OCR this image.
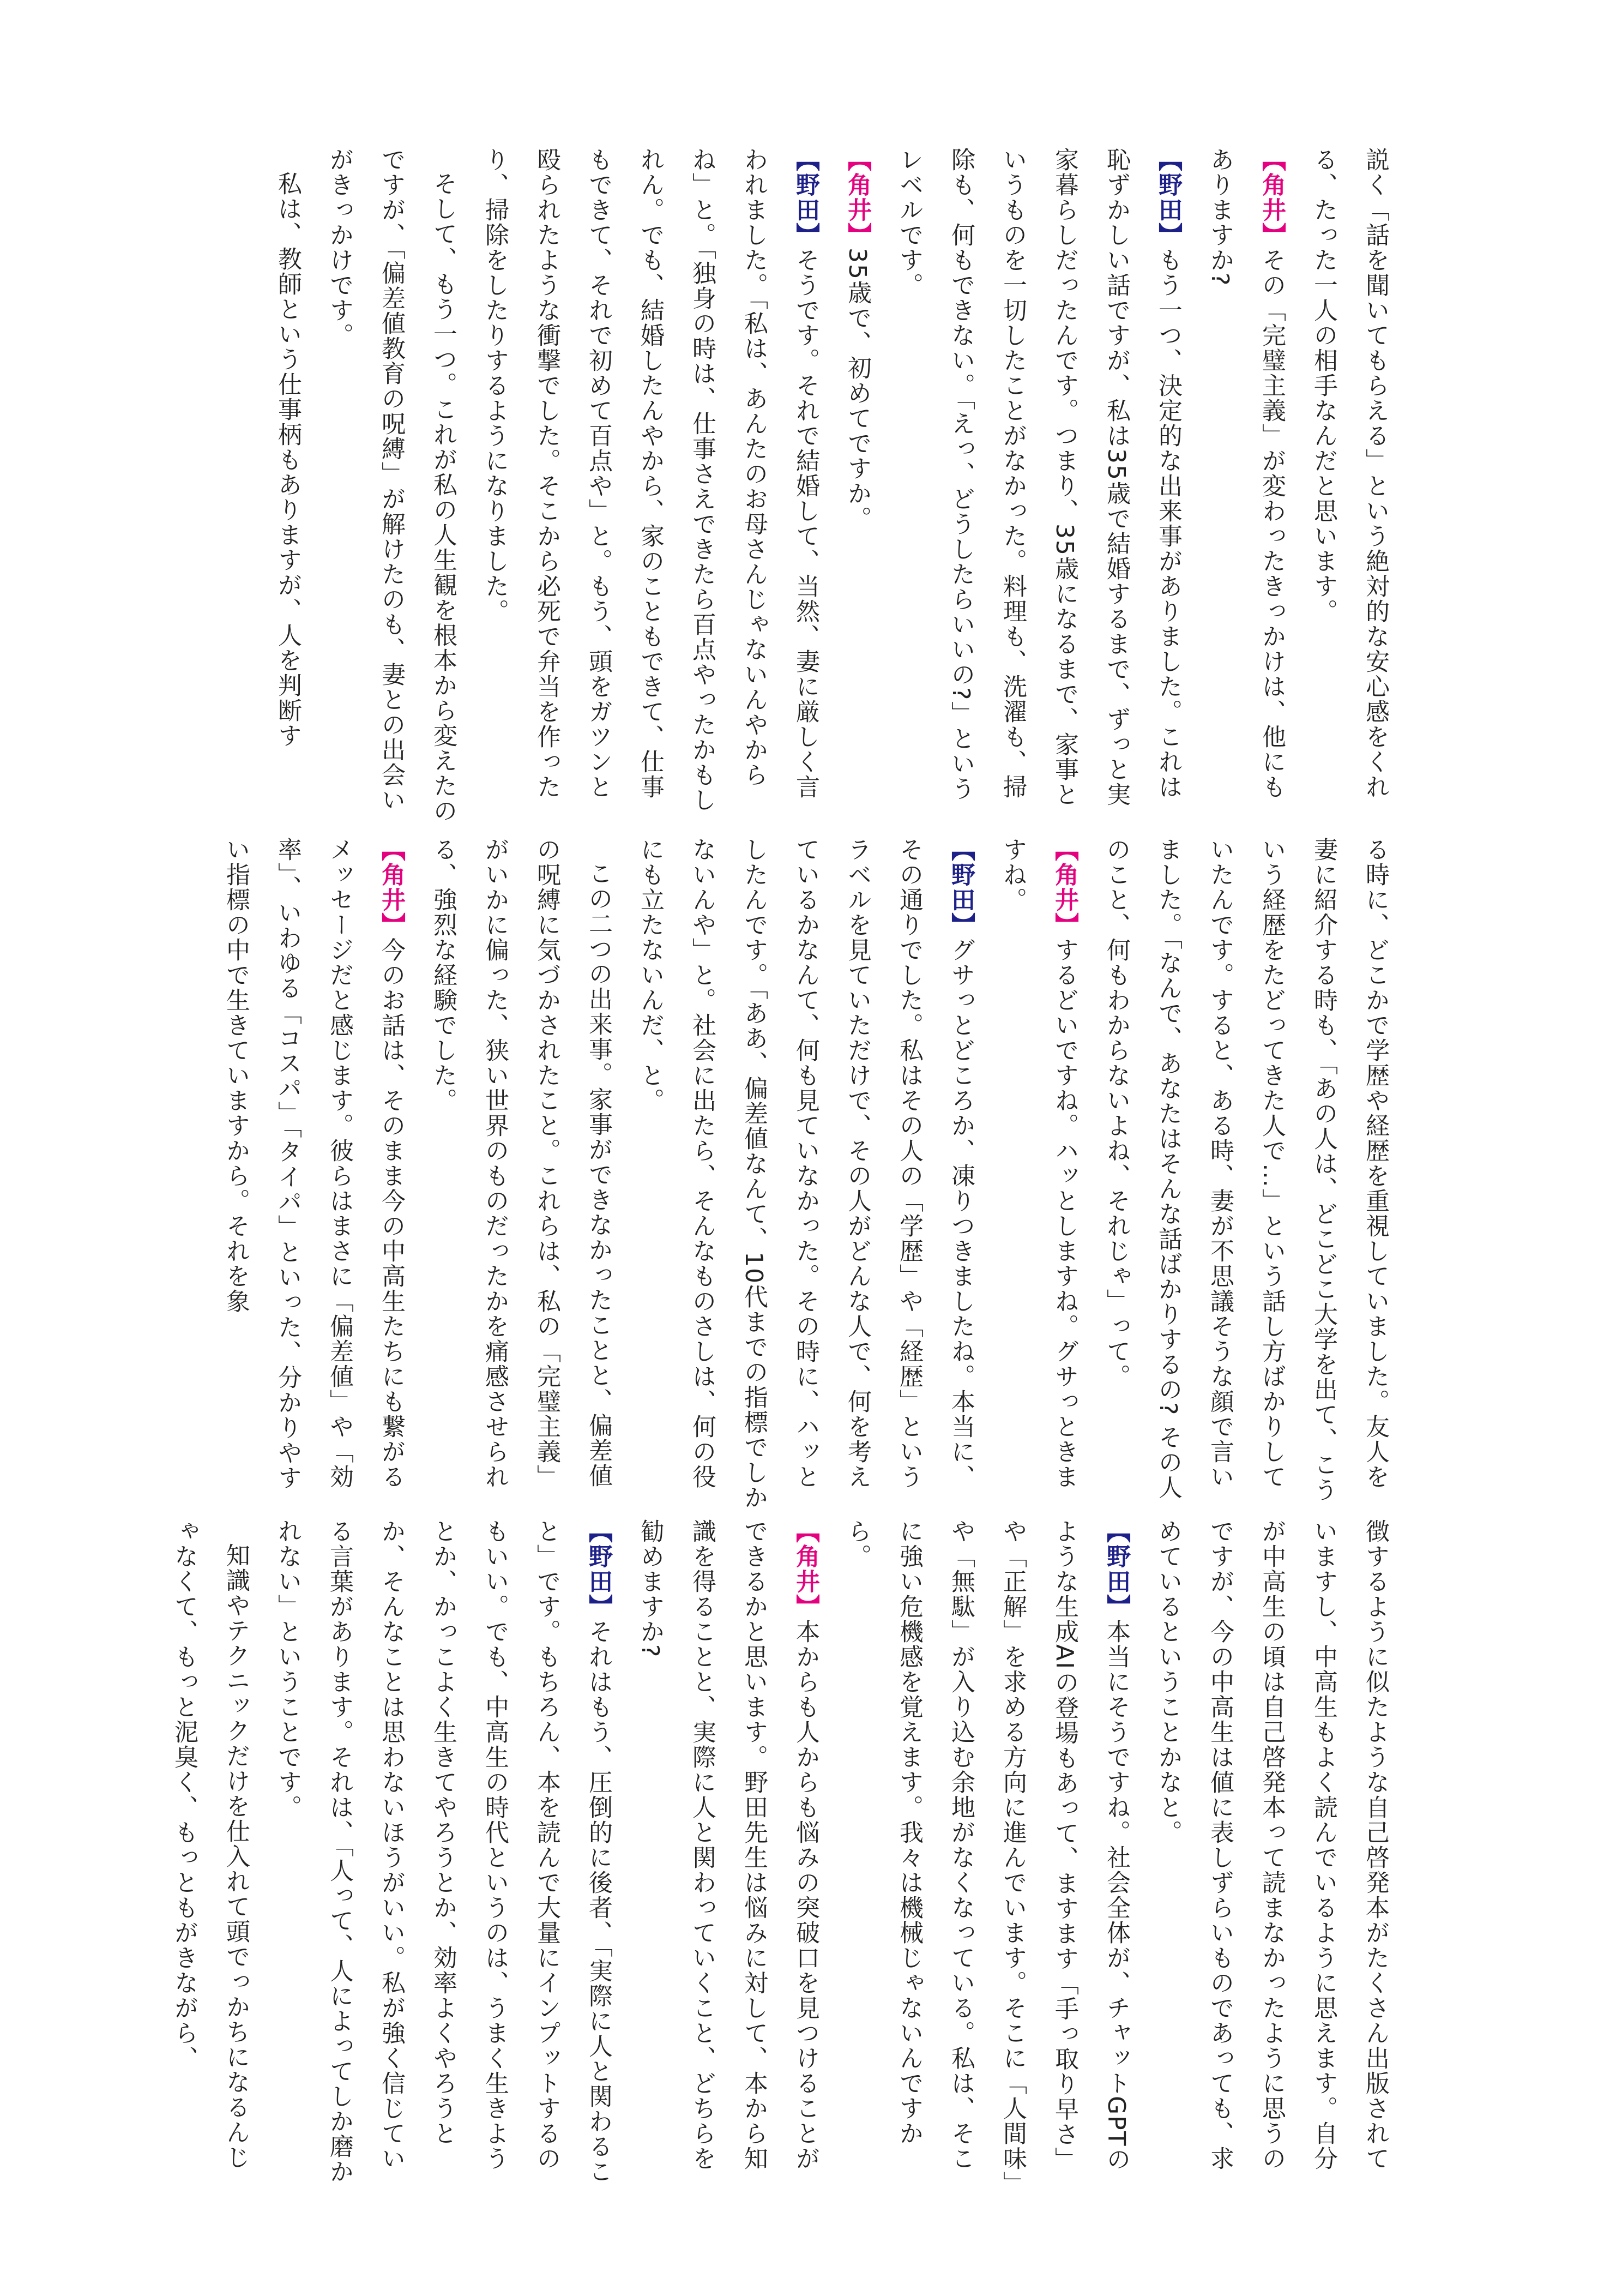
説く「話を聞いてもらえる」という絶対的な安心感をくれる、たった一人の相手なんだと思います。

【角井】その「完璧主義」が変わったきっかけは、他にもありますか?

【野田】もう一つ、決定的な出来事がありました。これは恥ずかしい話ですが、私は35歳で結婚するまで、ずっと実家暮らしだったんです。つまり、35歳になるまで、家事というものを一切したことがなかった。料理も、洗濯も、掃除も、何もできない。「えっ、どうしたらいいの?」というレベルです。

【角井】35歳で、初めてですか。

【野田】そうです。それで結婚して、当然、妻に厳しく言われました。「私は、あんたのお母さんじゃないんやからね」と。「独身の時は、仕事さえできたら百点やったかもしれん。でも、結婚したんやから、家のこともできて、仕事もできて、それで初めて百点や」と。もう、頭をガツンと殴られたような衝撃でした。そこから必死で弁当を作ったり、掃除をしたりするようになりました。

そして、もう一つ。これが私の人生観を根本から変えたのですが、「偏差値教育の呪縛」が解けたのも、妻との出会いがきっかけです。

私は、教師という仕事柄もありますが、人を判断す

る時に、どこかで学歴や経歴を重視していました。友人を妻に紹介する時も、「あの人は、どこどこ大学を出て、こういう経歴をたどってきた人で…」という話し方ばかりしていたんです。すると、ある時、妻が不思議そうな顔で言いました。「なんで、あなたはそんな話ばかりするの? その人のこと、何もわからないよね、それじゃ」って。

【角井】するどいですね。ハッとしますね。グサっときますね。

【野田】グサっとどころか、凍りつきましたね。本当に、その通りでした。私はその人の「学歴」や「経歴」というラベルを見ていただけで、その人がどんな人で、何を考えているかなんて、何も見ていなかった。その時に、ハッとしたんです。「ああ、偏差値なんて、10代までの指標でしかないんや」と。社会に出たら、そんなものさしは、何の役にも立たないんだ、と。

この二つの出来事。家事ができなかったことと、偏差値の呪縛に気づかされたこと。これらは、私の「完璧主義」がいかに偏った、狭い世界のものだったかを痛感させられる、強烈な経験でした。

【角井】今のお話は、そのまま今の中高生たちにも繋がるメッセージだと感じます。彼らはまさに「偏差値」や「効率」、いわゆる「コスパ」「タイパ」といった、分かりやすい指標の中で生きていますから。それを象

徴するように似たような自己啓発本がたくさん出版されていますし、中高生もよく読んでいるように思えます。自分が中高生の頃は自己啓発本って読まなかったように思うのですが、今の中高生は値に表しずらいものであっても、求めているということかなと。

【野田】本当にそうですね。社会全体が、チャットGPTのような生成AIの登場もあって、ますます「手っ取り早さ」や「正解」を求める方向に進んでいます。そこに「人間味」や「無駄」が入り込む余地がなくなっている。私は、そこに強い危機感を覚えます。我々は機械じゃないんですから。

【角井】本からも人からも悩みの突破口を見つけることができるかと思います。野田先生は悩みに対して、本から知識を得ることと、実際に人と関わっていくこと、どちらを勧めますか?

【野田】それはもう、圧倒的に後者、「実際に人と関わること」です。もちろん、本を読んで大量にインプットするのもいい。でも、中高生の時代というのは、うまく生きようとか、かっこよく生きてやろうとか、効率よくやろうとか、そんなことは思わないほうがいい。私が強く信じている言葉があります。それは、「人って、人によってしか磨かれない」ということです。

知識やテクニックだけを仕入れて頭でっかちになるんじゃなくて、もっと泥臭く、もっともがきながら、
